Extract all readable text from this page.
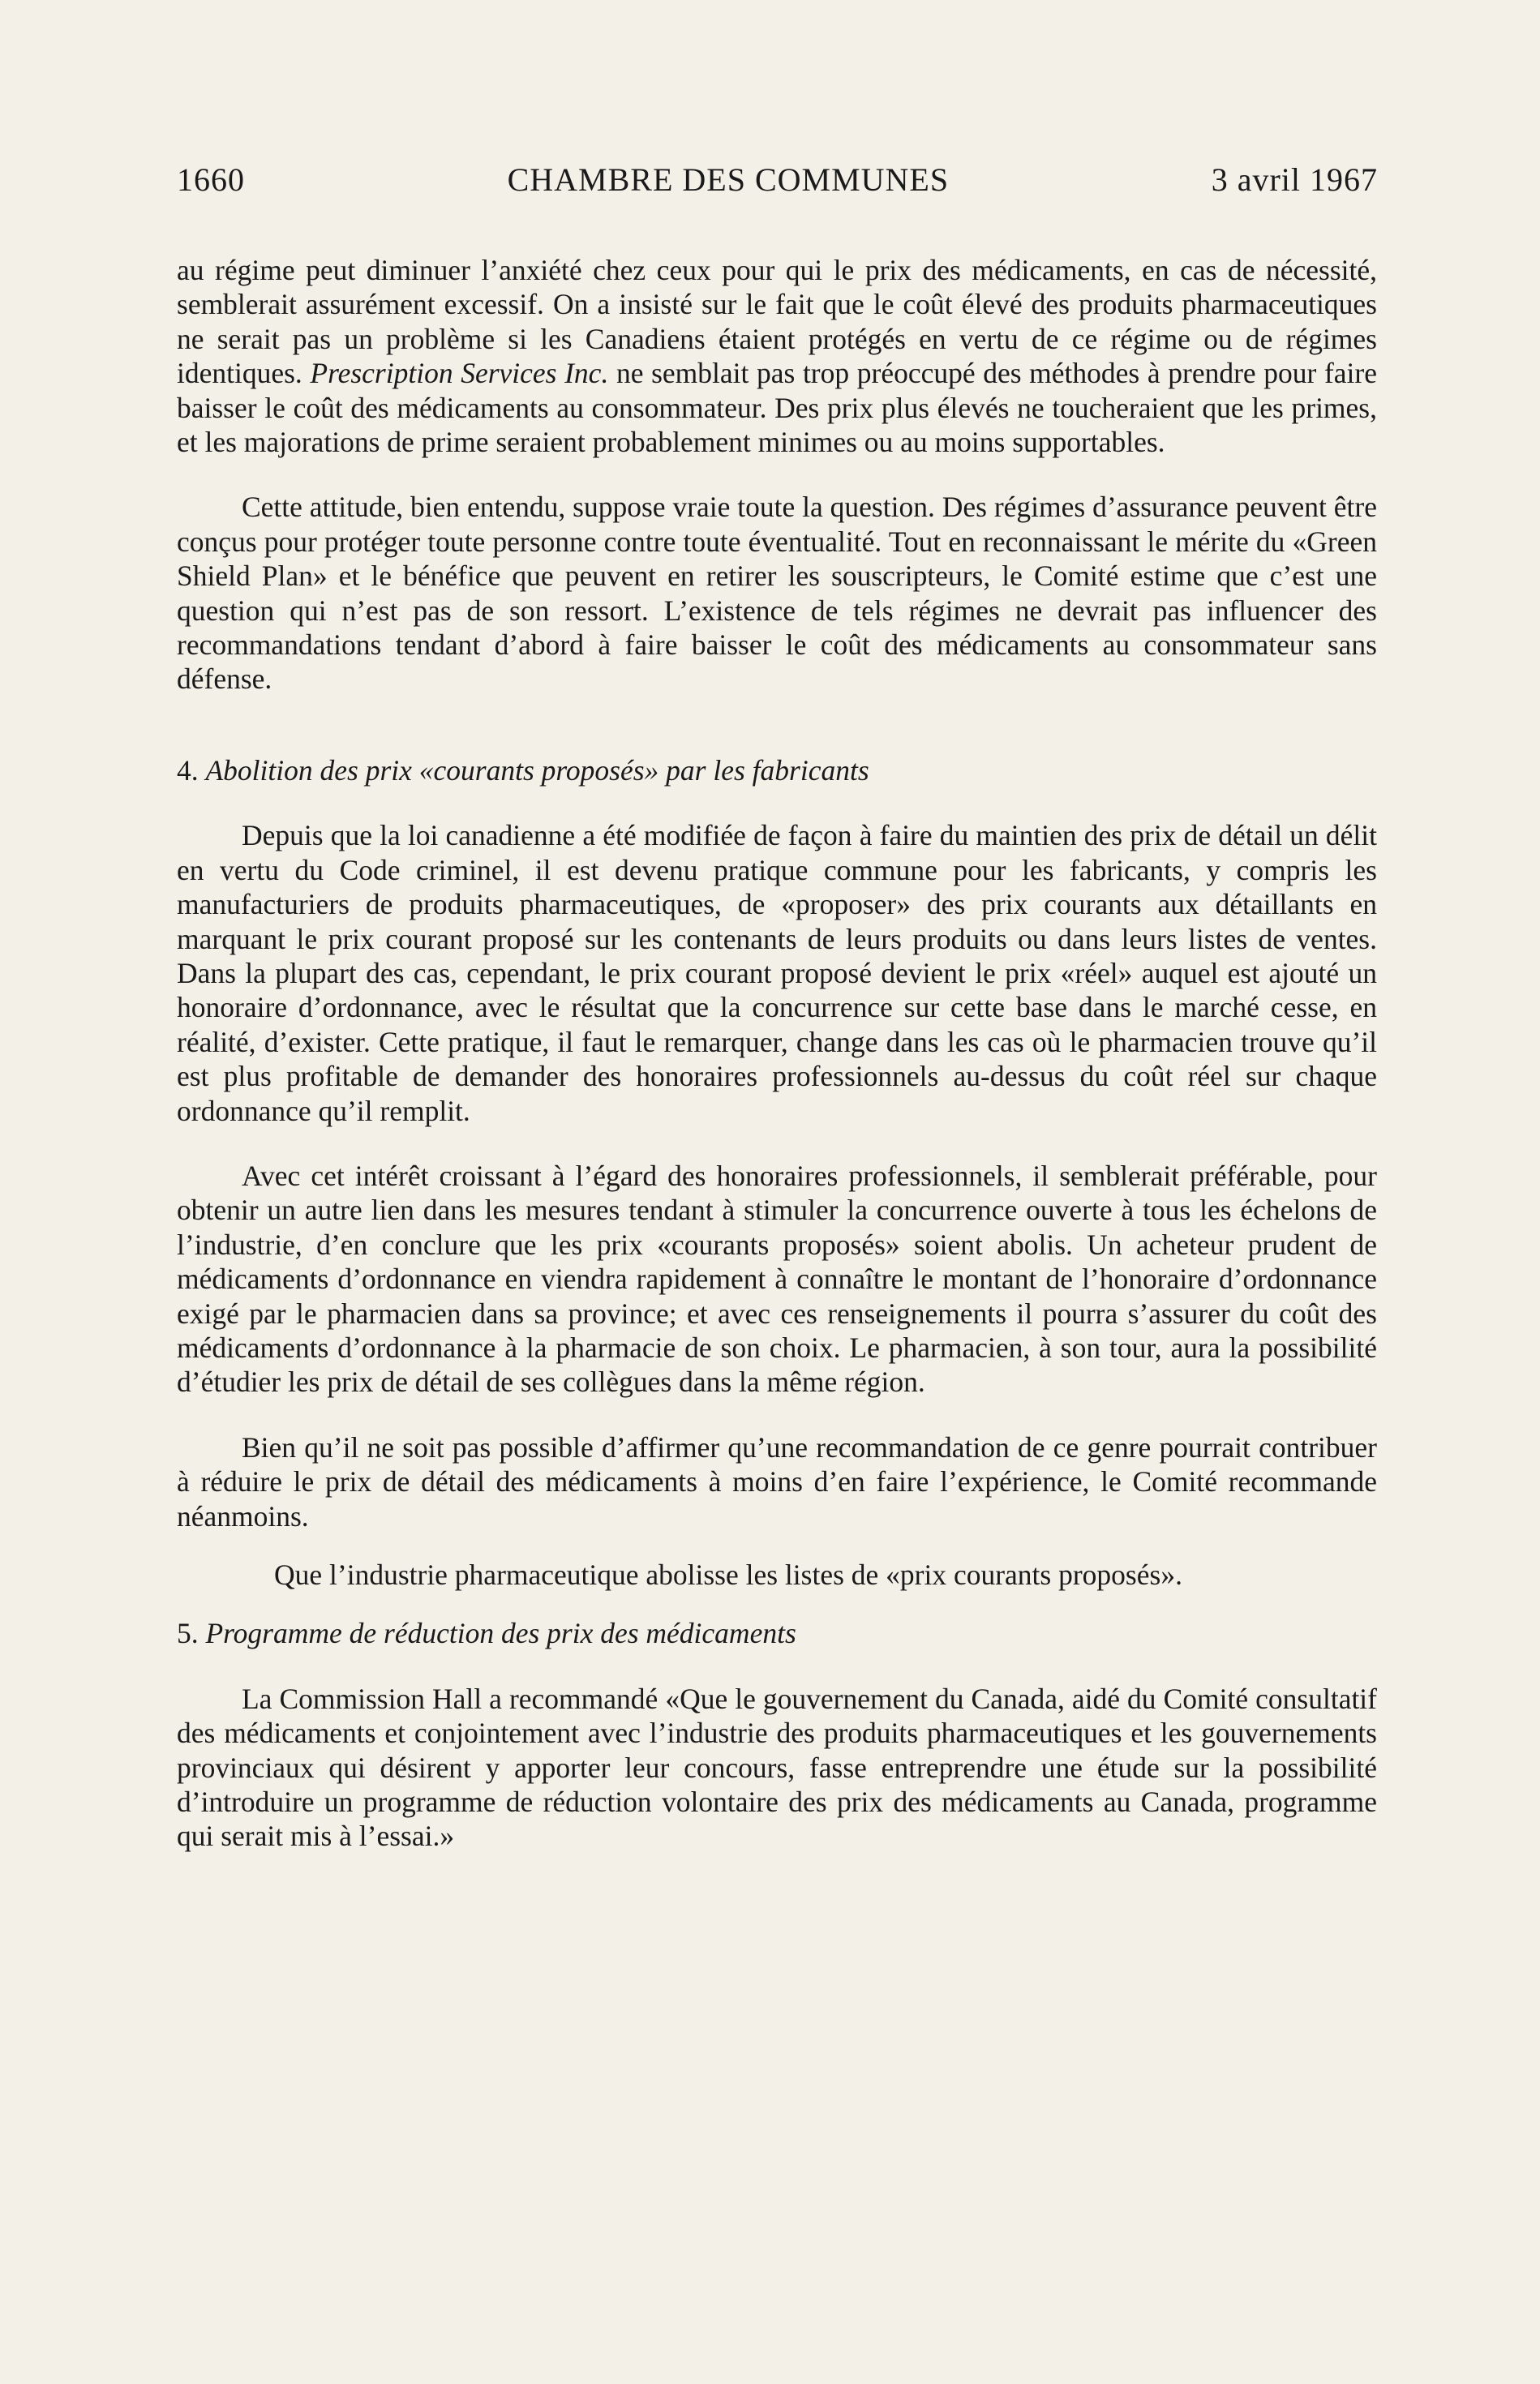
1660	CHAMBRE DES COMMUNES	3 avril 1967

au régime peut diminuer l’anxiété chez ceux pour qui le prix des médicaments, en cas de nécessité, semblerait assurément excessif. On a insisté sur le fait que le coût élevé des produits pharmaceutiques ne serait pas un problème si les Canadiens étaient protégés en vertu de ce régime ou de régimes identiques. Prescription Services Inc. ne semblait pas trop préoccupé des méthodes à prendre pour faire baisser le coût des médicaments au consommateur. Des prix plus élevés ne toucheraient que les primes, et les majorations de prime seraient probablement minimes ou au moins supportables.

Cette attitude, bien entendu, suppose vraie toute la question. Des régimes d’assurance peuvent être conçus pour protéger toute personne contre toute éventualité. Tout en reconnaissant le mérite du «Green Shield Plan» et le bénéfice que peuvent en retirer les souscripteurs, le Comité estime que c’est une question qui n’est pas de son ressort. L’existence de tels régimes ne devrait pas influencer des recommandations tendant d’abord à faire baisser le coût des médicaments au consommateur sans défense.

4. Abolition des prix «courants proposés» par les fabricants

Depuis que la loi canadienne a été modifiée de façon à faire du maintien des prix de détail un délit en vertu du Code criminel, il est devenu pratique commune pour les fabricants, y compris les manufacturiers de produits pharmaceutiques, de «proposer» des prix courants aux détaillants en marquant le prix courant proposé sur les contenants de leurs produits ou dans leurs listes de ventes. Dans la plupart des cas, cependant, le prix courant proposé devient le prix «réel» auquel est ajouté un honoraire d’ordonnance, avec le résultat que la concurrence sur cette base dans le marché cesse, en réalité, d’exister. Cette pratique, il faut le remarquer, change dans les cas où le pharmacien trouve qu’il est plus profitable de demander des honoraires professionnels au-dessus du coût réel sur chaque ordonnance qu’il remplit.

Avec cet intérêt croissant à l’égard des honoraires professionnels, il semblerait préférable, pour obtenir un autre lien dans les mesures tendant à stimuler la concurrence ouverte à tous les échelons de l’industrie, d’en conclure que les prix «courants proposés» soient abolis. Un acheteur prudent de médicaments d’ordonnance en viendra rapidement à connaître le montant de l’honoraire d’ordonnance exigé par le pharmacien dans sa province; et avec ces renseignements il pourra s’assurer du coût des médicaments d’ordonnance à la pharmacie de son choix. Le pharmacien, à son tour, aura la possibilité d’étudier les prix de détail de ses collègues dans la même région.

Bien qu’il ne soit pas possible d’affirmer qu’une recommandation de ce genre pourrait contribuer à réduire le prix de détail des médicaments à moins d’en faire l’expérience, le Comité recommande néanmoins.

Que l’industrie pharmaceutique abolisse les listes de «prix courants proposés».

5. Programme de réduction des prix des médicaments

La Commission Hall a recommandé «Que le gouvernement du Canada, aidé du Comité consultatif des médicaments et conjointement avec l’industrie des produits pharmaceutiques et les gouvernements provinciaux qui désirent y apporter leur concours, fasse entreprendre une étude sur la possibilité d’introduire un programme de réduction volontaire des prix des médicaments au Canada, programme qui serait mis à l’essai.»
